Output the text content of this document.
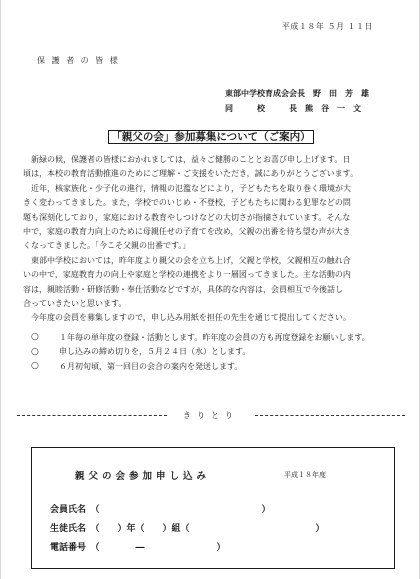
平成１８年 ５月 １１日
保 護 者 の 皆 様
東部中学校育成会会長　野　田　芳　雄
同　　　校　　　長　熊　谷　一　文
「親父の会」参加募集について（ご案内）
　新緑の候，保護者の皆様におかれましては，益々ご健勝のこととお喜び申し上げます。日
頃は，本校の教育活動推進のためにご理解・ご支援をいただき，誠にありがとうございます。
　近年，核家族化・少子化の進行，情報の氾濫などにより，子どもたちを取り巻く環境が大
きく変わってきました。また，学校でのいじめ・不登校，子どもたちに関わる犯罪などの問
題も深刻化しており，家庭における教育やしつけなどの大切さが指摘されています。そんな
中で，家庭の教育力向上のために母親任せの子育てを改め，父親の出番を待ち望む声が大き
くなってきました。「今こそ父親の出番です。」
　東部中学校においては，昨年度より親父の会を立ち上げ，父親と学校，父親相互の触れ合
いの中で，家庭教育力の向上や家庭と学校の連携をより一層図ってきました。主な活動の内
容は，親睦活動・研修活動・奉仕活動などですが，具体的な内容は，会員相互で今後話し
合っていきたいと思います。
　今年度の会員を募集しますので，申し込み用紙を担任の先生を通じて提出してください。
○	１年毎の単年度の登録・活動とします。昨年度の会員の方も再度登録をお願いします。
○	申し込みの締め切りを，５月２４日（水）とします。
○	６月初旬頃，第一回目の会合の案内を発送します。
きりとり
親父の会参加申し込み	平成１８年度
会員氏名　（　　　　　　　　　　　　　　　　　　）
生徒氏名　（　　）年（　　）組（　　　　　　　　　　　　　　）
電話番号　（　　　　―　　　　　　　　）
